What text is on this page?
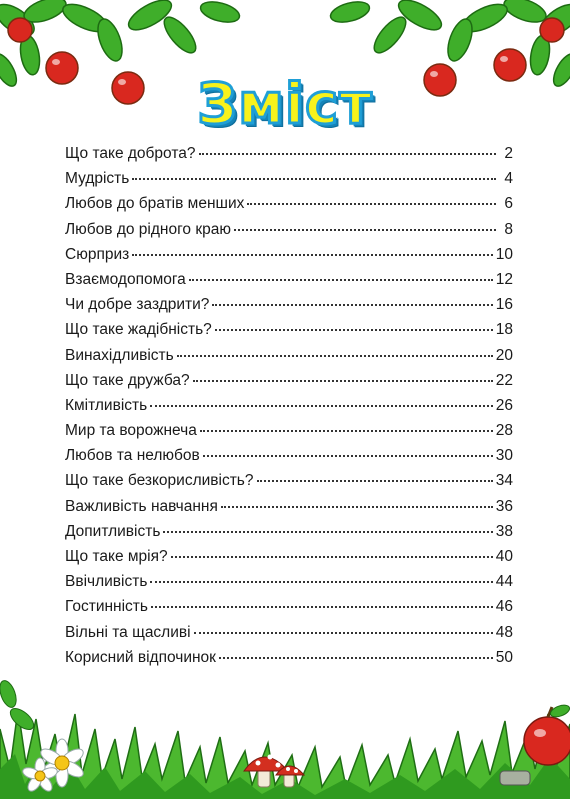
Зміст
Що таке доброта?	2
Мудрість	4
Любов до братів менших	6
Любов до рідного краю	8
Сюрприз	10
Взаємодопомога	12
Чи добре заздрити?	16
Що таке жадібність?	18
Винахідливість	20
Що таке дружба?	22
Кмітливість	26
Мир та ворожнеча	28
Любов та нелюбов	30
Що таке безкорисливість?	34
Важливість навчання	36
Допитливість	38
Що таке мрія?	40
Ввічливість	44
Гостинність	46
Вільні та щасливі	48
Корисний відпочинок	50
